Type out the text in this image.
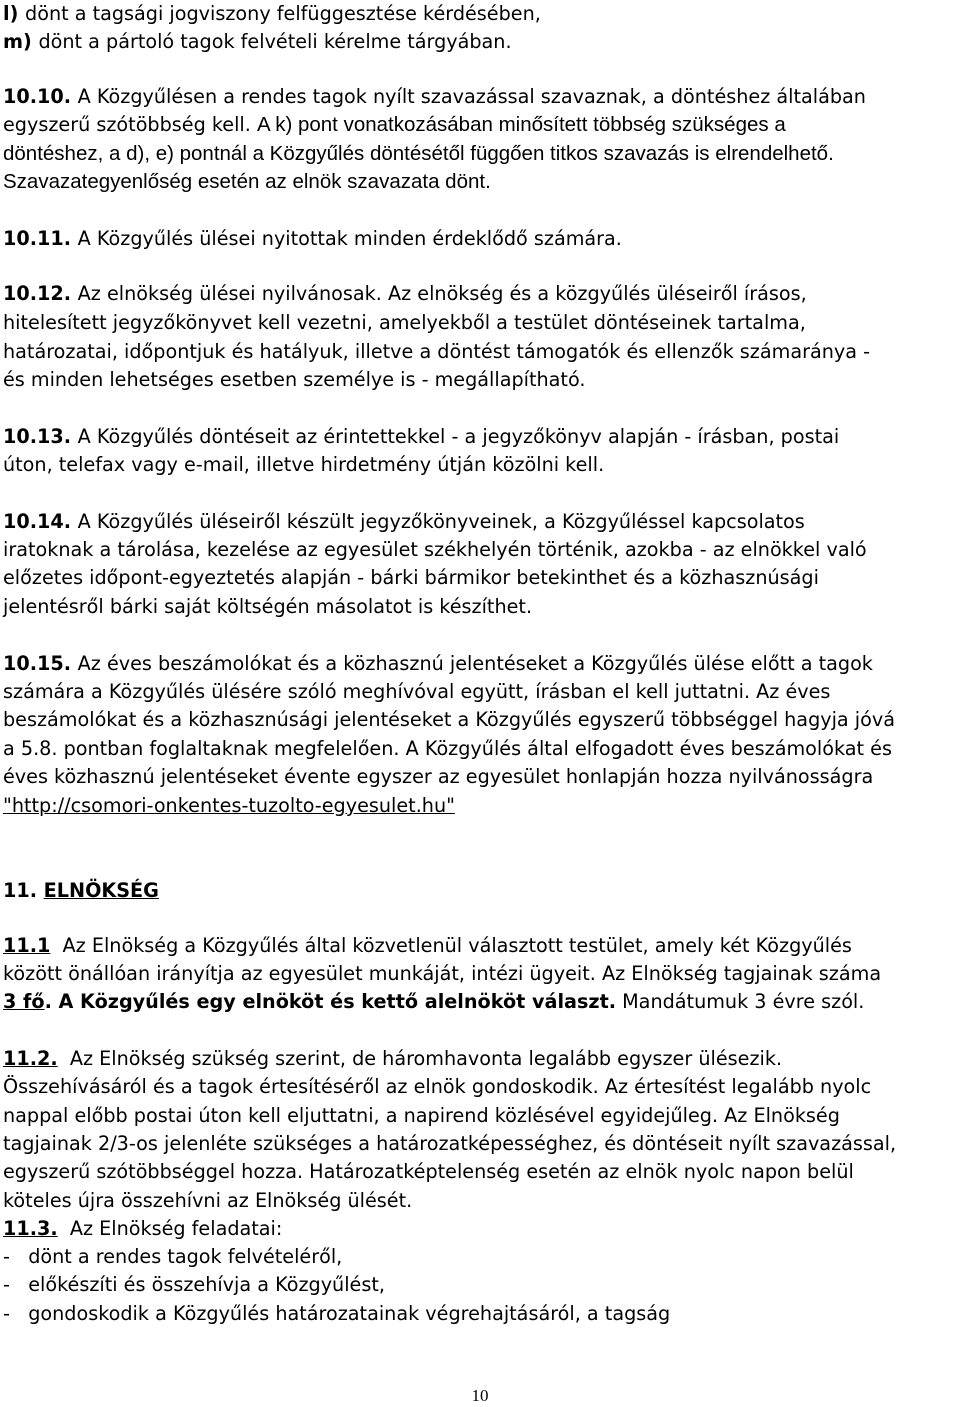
l) dönt a tagsági jogviszony felfüggesztése kérdésében,
m) dönt a pártoló tagok felvételi kérelme tárgyában.
10.10. A Közgyűlésen a rendes tagok nyílt szavazással szavaznak, a döntéshez általában
egyszerű szótöbbség kell. A k) pont vonatkozásában minősített többség szükséges a
döntéshez, a d), e) pontnál a Közgyűlés döntésétől függően titkos szavazás is elrendelhető.
Szavazategyenlőség esetén az elnök szavazata dönt.
10.11. A Közgyűlés ülései nyitottak minden érdeklődő számára.
10.12. Az elnökség ülései nyilvánosak. Az elnökség és a közgyűlés üléseiről írásos,
hitelesített jegyzőkönyvet kell vezetni, amelyekből a testület döntéseinek tartalma,
határozatai, időpontjuk és hatályuk, illetve a döntést támogatók és ellenzők számaránya -
és minden lehetséges esetben személye is - megállapítható.
10.13. A Közgyűlés döntéseit az érintettekkel - a jegyzőkönyv alapján - írásban, postai
úton, telefax vagy e-mail, illetve hirdetmény útján közölni kell.
10.14. A Közgyűlés üléseiről készült jegyzőkönyveinek, a Közgyűléssel kapcsolatos
iratoknak a tárolása, kezelése az egyesület székhelyén történik, azokba - az elnökkel való
előzetes időpont-egyeztetés alapján - bárki bármikor betekinthet és a közhasznúsági
jelentésről bárki saját költségén másolatot is készíthet.
10.15. Az éves beszámolókat és a közhasznú jelentéseket a Közgyűlés ülése előtt a tagok
számára a Közgyűlés ülésére szóló meghívóval együtt, írásban el kell juttatni. Az éves
beszámolókat és a közhasznúsági jelentéseket a Közgyűlés egyszerű többséggel hagyja jóvá
a 5.8. pontban foglaltaknak megfelelően. A Közgyűlés által elfogadott éves beszámolókat és
éves közhasznú jelentéseket évente egyszer az egyesület honlapján hozza nyilvánosságra
"http://csomori-onkentes-tuzolto-egyesulet.hu"
11. ELNÖKSÉG
11.1  Az Elnökség a Közgyűlés által közvetlenül választott testület, amely két Közgyűlés
között önállóan irányítja az egyesület munkáját, intézi ügyeit. Az Elnökség tagjainak száma
3 fő. A Közgyűlés egy elnököt és kettő alelnököt választ. Mandátumuk 3 évre szól.
11.2.  Az Elnökség szükség szerint, de háromhavonta legalább egyszer ülésezik.
Összehívásáról és a tagok értesítéséről az elnök gondoskodik. Az értesítést legalább nyolc
nappal előbb postai úton kell eljuttatni, a napirend közlésével egyidejűleg. Az Elnökség
tagjainak 2/3-os jelenléte szükséges a határozatképességhez, és döntéseit nyílt szavazással,
egyszerű szótöbbséggel hozza. Határozatképtelenség esetén az elnök nyolc napon belül
köteles újra összehívni az Elnökség ülését.
11.3.  Az Elnökség feladatai:
-   dönt a rendes tagok felvételéről,
-   előkészíti és összehívja a Közgyűlést,
-   gondoskodik a Közgyűlés határozatainak végrehajtásáról, a tagság
10
